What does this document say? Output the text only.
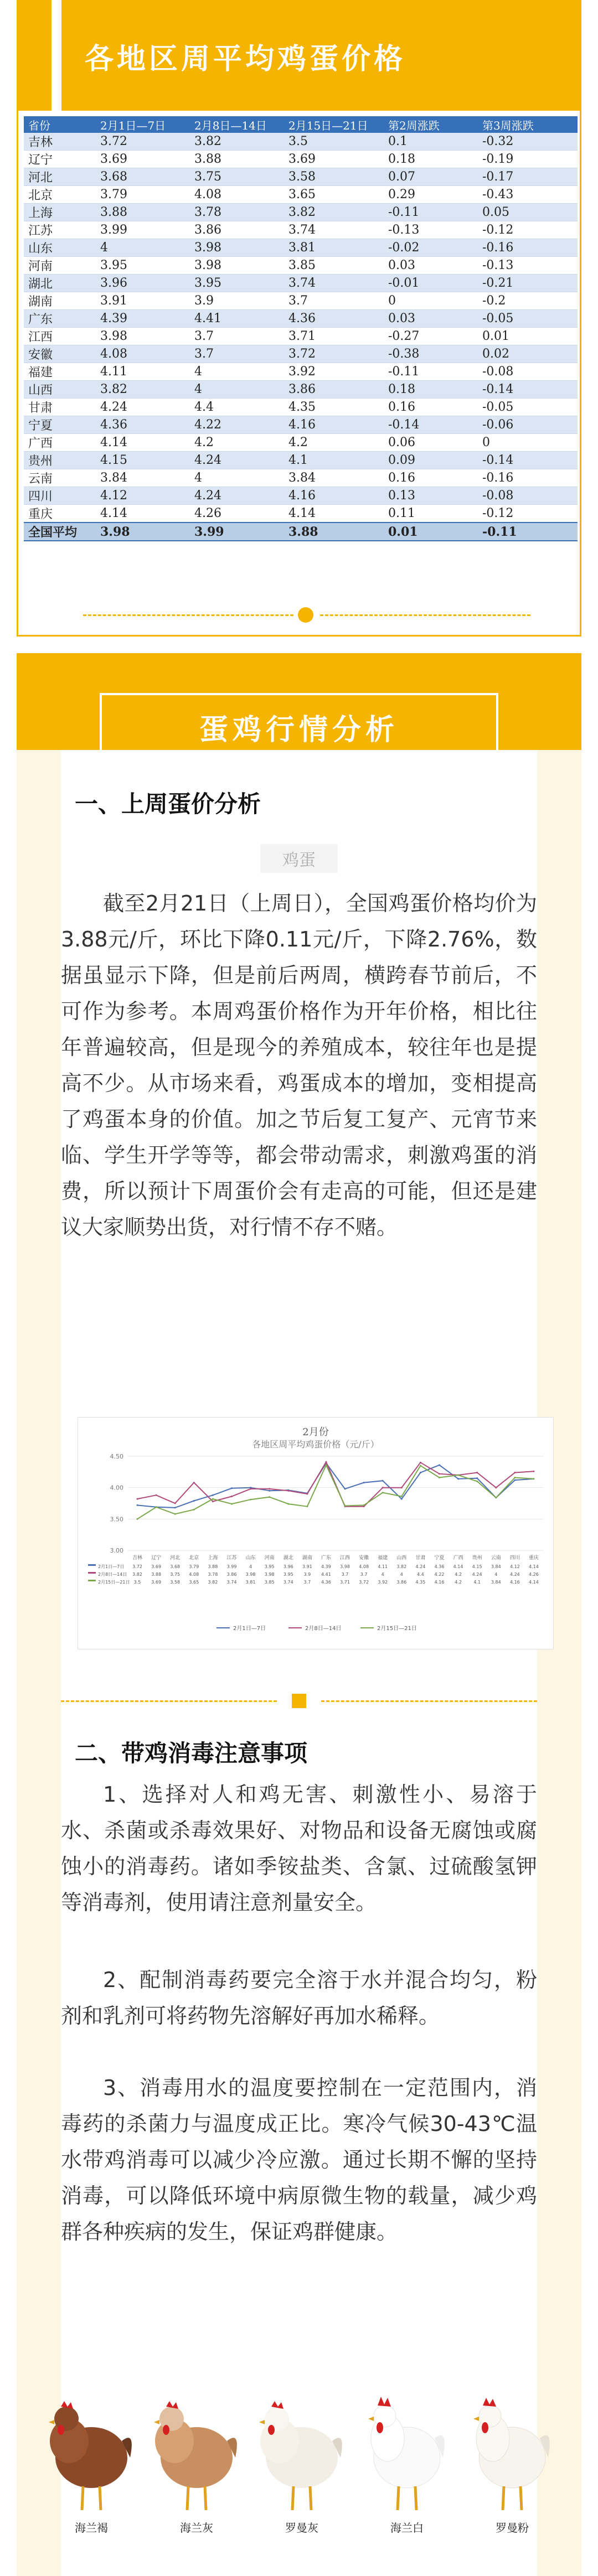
各地区周平均鸡蛋价格
省份	2月1日—7日	2月8日—14日	2月15日—21日	第2周涨跌	第3周涨跌
吉林	3.72	3.82	3.5	0.1	-0.32
辽宁	3.69	3.88	3.69	0.18	-0.19
河北	3.68	3.75	3.58	0.07	-0.17
北京	3.79	4.08	3.65	0.29	-0.43
上海	3.88	3.78	3.82	-0.11	0.05
江苏	3.99	3.86	3.74	-0.13	-0.12
山东	4	3.98	3.81	-0.02	-0.16
河南	3.95	3.98	3.85	0.03	-0.13
湖北	3.96	3.95	3.74	-0.01	-0.21
湖南	3.91	3.9	3.7	0	-0.2
广东	4.39	4.41	4.36	0.03	-0.05
江西	3.98	3.7	3.71	-0.27	0.01
安徽	4.08	3.7	3.72	-0.38	0.02
福建	4.11	4	3.92	-0.11	-0.08
山西	3.82	4	3.86	0.18	-0.14
甘肃	4.24	4.4	4.35	0.16	-0.05
宁夏	4.36	4.22	4.16	-0.14	-0.06
广西	4.14	4.2	4.2	0.06	0
贵州	4.15	4.24	4.1	0.09	-0.14
云南	3.84	4	3.84	0.16	-0.16
四川	4.12	4.24	4.16	0.13	-0.08
重庆	4.14	4.26	4.14	0.11	-0.12
全国平均	3.98	3.99	3.88	0.01	-0.11
蛋鸡行情分析
一、上周蛋价分析
鸡蛋
截至2月21日（上周日），全国鸡蛋价格均价为3.88元/斤，环比下降0.11元/斤，下降2.76%，数据虽显示下降，但是前后两周，横跨春节前后，不可作为参考。本周鸡蛋价格作为开年价格，相比往年普遍较高，但是现今的养殖成本，较往年也是提高不少。从市场来看，鸡蛋成本的增加，变相提高了鸡蛋本身的价值。加之节后复工复产、元宵节来临、学生开学等等，都会带动需求，刺激鸡蛋的消费，所以预计下周蛋价会有走高的可能，但还是建议大家顺势出货，对行情不存不赌。
2月份
各地区周平均鸡蛋价格（元/斤）
3.00
3.50
4.00
4.50
吉林 辽宁 河北 北京 上海 江苏 山东 河南 湖北 湖南 广东 江西 安徽 福建 山西 甘肃 宁夏 广西 贵州 云南 四川 重庆
2月1日—7日 3.72 3.69 3.68 3.79 3.88 3.99	4	3.95 3.96 3.91 4.39 3.98 4.08 4.11 3.82 4.24 4.36 4.14 4.15 3.84 4.12 4.14
2月8日—14日 3.82 3.88 3.75 4.08 3.78 3.86 3.98 3.98 3.95 3.9 4.41 3.7	3.7	4	4	4.4 4.22 4.2 4.24	4	4.24 4.26
2月15日—21日 3.5 3.69 3.58 3.65 3.82 3.74 3.81 3.85 3.74 3.7 4.36 3.71 3.72 3.92 3.86 4.35 4.16 4.2	4.1 3.84 4.16 4.14
2月1日—7日	2月8日—14日	2月15日—21日
二、带鸡消毒注意事项
1、选择对人和鸡无害、刺激性小、易溶于水、杀菌或杀毒效果好、对物品和设备无腐蚀或腐蚀小的消毒药。诸如季铵盐类、含氯、过硫酸氢钾等消毒剂，使用请注意剂量安全。
2、配制消毒药要完全溶于水并混合均匀，粉剂和乳剂可将药物先溶解好再加水稀释。
3、消毒用水的温度要控制在一定范围内，消毒药的杀菌力与温度成正比。寒冷气候30-43℃温水带鸡消毒可以减少冷应激。通过长期不懈的坚持消毒，可以降低环境中病原微生物的载量，减少鸡群各种疾病的发生，保证鸡群健康。
海兰褐	海兰灰	罗曼灰	海兰白	罗曼粉
